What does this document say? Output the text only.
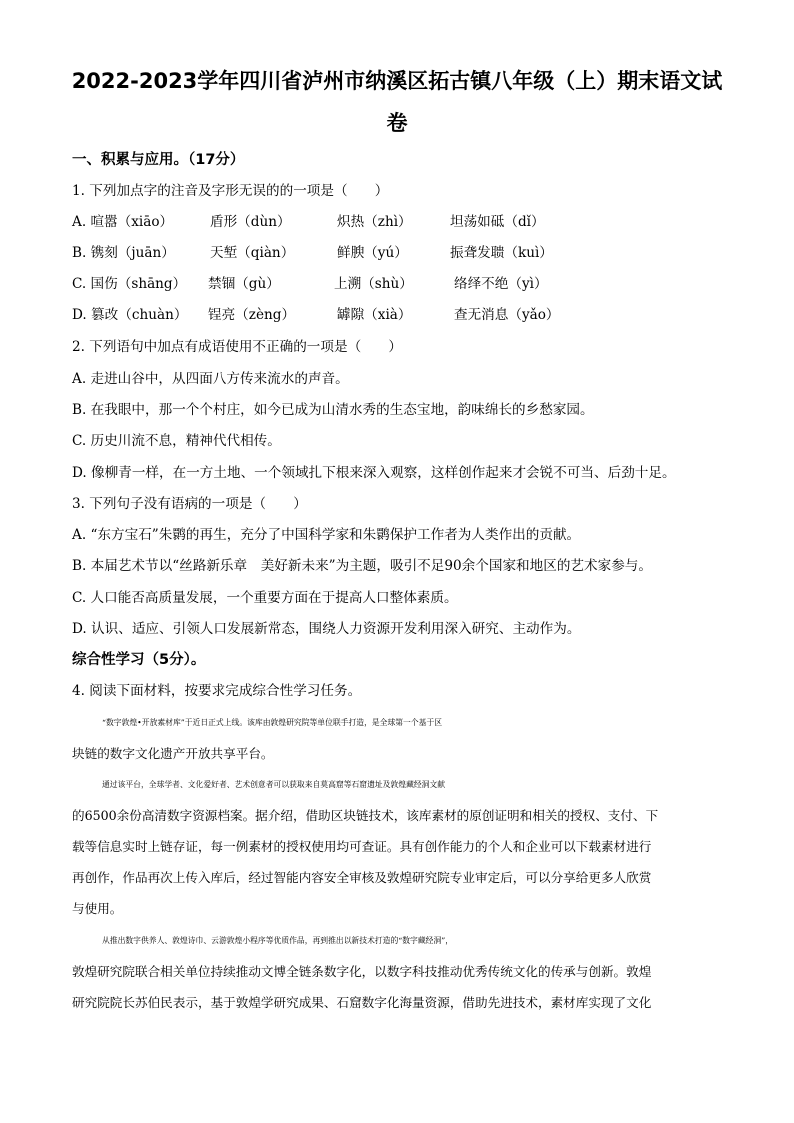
2022-2023学年四川省泸州市纳溪区拓古镇八年级（上）期末语文试
卷
一、积累与应用。（17分）
1. 下列加点字的注音及字形无误的的一项是（　　）
A. 喧嚣（xiāo）	盾形（dùn）	炽热（zhì）	坦荡如砥（dǐ）
B. 镌刻（juān）	天堑（qiàn）	鲜腴（yú）	振聋发聩（kuì）
C. 国伤（shāng） 禁锢（gù）	上溯（shù）	络绎不绝（yì）
D. 篡改（chuàn） 锃亮（zèng）	罅隙（xià）	查无消息（yǎo）
2. 下列语句中加点有成语使用不正确的一项是（　　）
A. 走进山谷中，从四面八方传来流水的声音。
B. 在我眼中，那一个个村庄，如今已成为山清水秀的生态宝地，韵味绵长的乡愁家园。
C. 历史川流不息，精神代代相传。
D. 像柳青一样，在一方土地、一个领域扎下根来深入观察，这样创作起来才会锐不可当、后劲十足。
3. 下列句子没有语病的一项是（　　）
A. “东方宝石”朱鹮的再生，充分了中国科学家和朱鹮保护工作者为人类作出的贡献。
B. 本届艺术节以“丝路新乐章　美好新未来”为主题，吸引不足90余个国家和地区的艺术家参与。
C. 人口能否高质量发展，一个重要方面在于提高人口整体素质。
D. 认识、适应、引领人口发展新常态，围绕人力资源开发利用深入研究、主动作为。
综合性学习（5分）。
4. 阅读下面材料，按要求完成综合性学习任务。
“数字敦煌•开放素材库”于近日正式上线。该库由敦煌研究院等单位联手打造，是全球第一个基于区
块链的数字文化遗产开放共享平台。
通过该平台，全球学者、文化爱好者、艺术创意者可以获取来自莫高窟等石窟遗址及敦煌藏经洞文献
的6500余份高清数字资源档案。据介绍，借助区块链技术，该库素材的原创证明和相关的授权、支付、下
载等信息实时上链存证，每一例素材的授权使用均可查证。具有创作能力的个人和企业可以下载素材进行
再创作，作品再次上传入库后，经过智能内容安全审核及敦煌研究院专业审定后，可以分享给更多人欣赏
与使用。
从推出数字供养人、敦煌诗巾、云游敦煌小程序等优质作品，再到推出以新技术打造的“数字藏经洞”，
敦煌研究院联合相关单位持续推动文博全链条数字化，以数字科技推动优秀传统文化的传承与创新。敦煌
研究院院长苏伯民表示，基于敦煌学研究成果、石窟数字化海量资源，借助先进技术，素材库实现了文化
